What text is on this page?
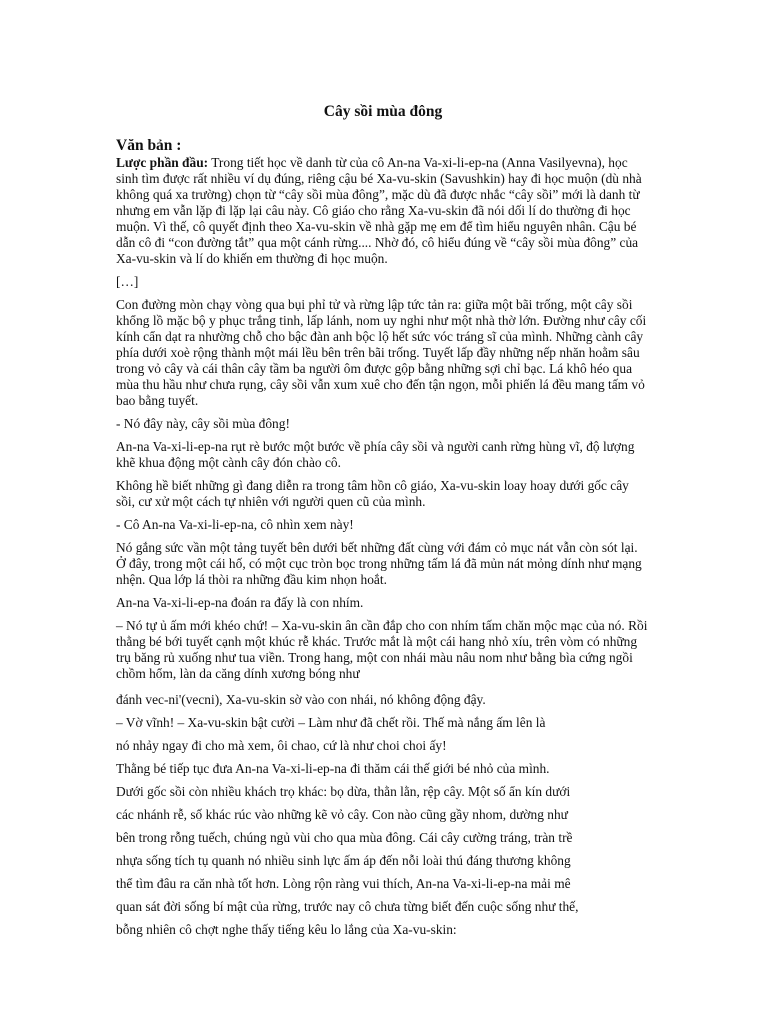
Cây sồi mùa đông
Văn bản :

Lược phần đầu: Trong tiết học về danh từ của cô An-na Va-xi-li-ep-na (Anna Vasilyevna), học sinh tìm được rất nhiều ví dụ đúng, riêng cậu bé Xa-vu-skin (Savushkin) hay đi học muộn (dù nhà không quá xa trường) chọn từ “cây sồi mùa đông”, mặc dù đã được nhắc “cây sồi” mới là danh từ nhưng em vẫn lặp đi lặp lại câu này. Cô giáo cho rằng Xa-vu-skin đã nói dối lí do thường đi học muộn. Vì thế, cô quyết định theo Xa-vu-skin về nhà gặp mẹ em để tìm hiểu nguyên nhân. Cậu bé dẫn cô đi “con đường tắt” qua một cánh rừng.... Nhờ đó, cô hiểu đúng về “cây sồi mùa đông” của Xa-vu-skin và lí do khiến em thường đi học muộn.

[…]

Con đường mòn chạy vòng qua bụi phỉ tử và rừng lập tức tản ra: giữa một bãi trống, một cây sồi khổng lồ mặc bộ y phục trắng tinh, lấp lánh, nom uy nghi như một nhà thờ lớn. Đường như cây cối kính cẩn dạt ra nhường chỗ cho bậc đàn anh bộc lộ hết sức vóc tráng sĩ của mình. Những cành cây phía dưới xoè rộng thành một mái lều bên trên bãi trống. Tuyết lấp đầy những nếp nhăn hoằm sâu trong vỏ cây và cái thân cây tầm ba người ôm được gộp bằng những sợi chỉ bạc. Lá khô héo qua mùa thu hầu như chưa rụng, cây sồi vẫn xum xuê cho đến tận ngọn, mỗi phiến lá đều mang tấm vỏ bao bằng tuyết.

- Nó đây này, cây sồi mùa đông!

An-na Va-xi-li-ep-na rụt rè bước một bước về phía cây sồi và người canh rừng hùng vĩ, độ lượng khẽ khua động một cành cây đón chào cô.

Không hề biết những gì đang diễn ra trong tâm hồn cô giáo, Xa-vu-skin loay hoay dưới gốc cây sồi, cư xử một cách tự nhiên với người quen cũ của mình.

- Cô An-na Va-xi-li-ep-na, cô nhìn xem này!

Nó gắng sức vần một tảng tuyết bên dưới bết những đất cùng với đám cỏ mục nát vẫn còn sót lại. Ở đây, trong một cái hố, có một cục tròn bọc trong những tấm lá đã mủn nát mỏng dính như mạng nhện. Qua lớp lá thòi ra những đầu kim nhọn hoắt.

An-na Va-xi-li-ep-na đoán ra đấy là con nhím.

– Nó tự ủ ấm mới khéo chứ! – Xa-vu-skin ân cần đắp cho con nhím tấm chăn mộc mạc của nó. Rồi thằng bé bới tuyết cạnh một khúc rễ khác. Trước mắt là một cái hang nhỏ xíu, trên vòm có những trụ băng rủ xuống như tua viền. Trong hang, một con nhái màu nâu nom như bằng bìa cứng ngồi chồm hổm, làn da căng dính xương bóng như

đánh vec-ni'(vecni), Xa-vu-skin sờ vào con nhái, nó không động đậy.

– Vờ vĩnh! – Xa-vu-skin bật cười – Làm như đã chết rồi. Thế mà nắng ấm lên là

nó nhảy ngay đi cho mà xem, ôi chao, cứ là như choi choi ấy!

Thằng bé tiếp tục đưa An-na Va-xi-li-ep-na đi thăm cái thế giới bé nhỏ của mình.

Dưới gốc sồi còn nhiều khách trọ khác: bọ dừa, thằn lằn, rệp cây. Một số ẩn kín dưới

các nhánh rễ, số khác rúc vào những kẽ vỏ cây. Con nào cũng gầy nhom, dường như

bên trong rỗng tuếch, chúng ngủ vùi cho qua mùa đông. Cái cây cường tráng, tràn trề

nhựa sống tích tụ quanh nó nhiều sinh lực ấm áp đến nỗi loài thú đáng thương không

thể tìm đâu ra căn nhà tốt hơn. Lòng rộn ràng vui thích, An-na Va-xi-li-ep-na mải mê

quan sát đời sống bí mật của rừng, trước nay cô chưa từng biết đến cuộc sống như thế,

bỗng nhiên cô chợt nghe thấy tiếng kêu lo lắng của Xa-vu-skin:
